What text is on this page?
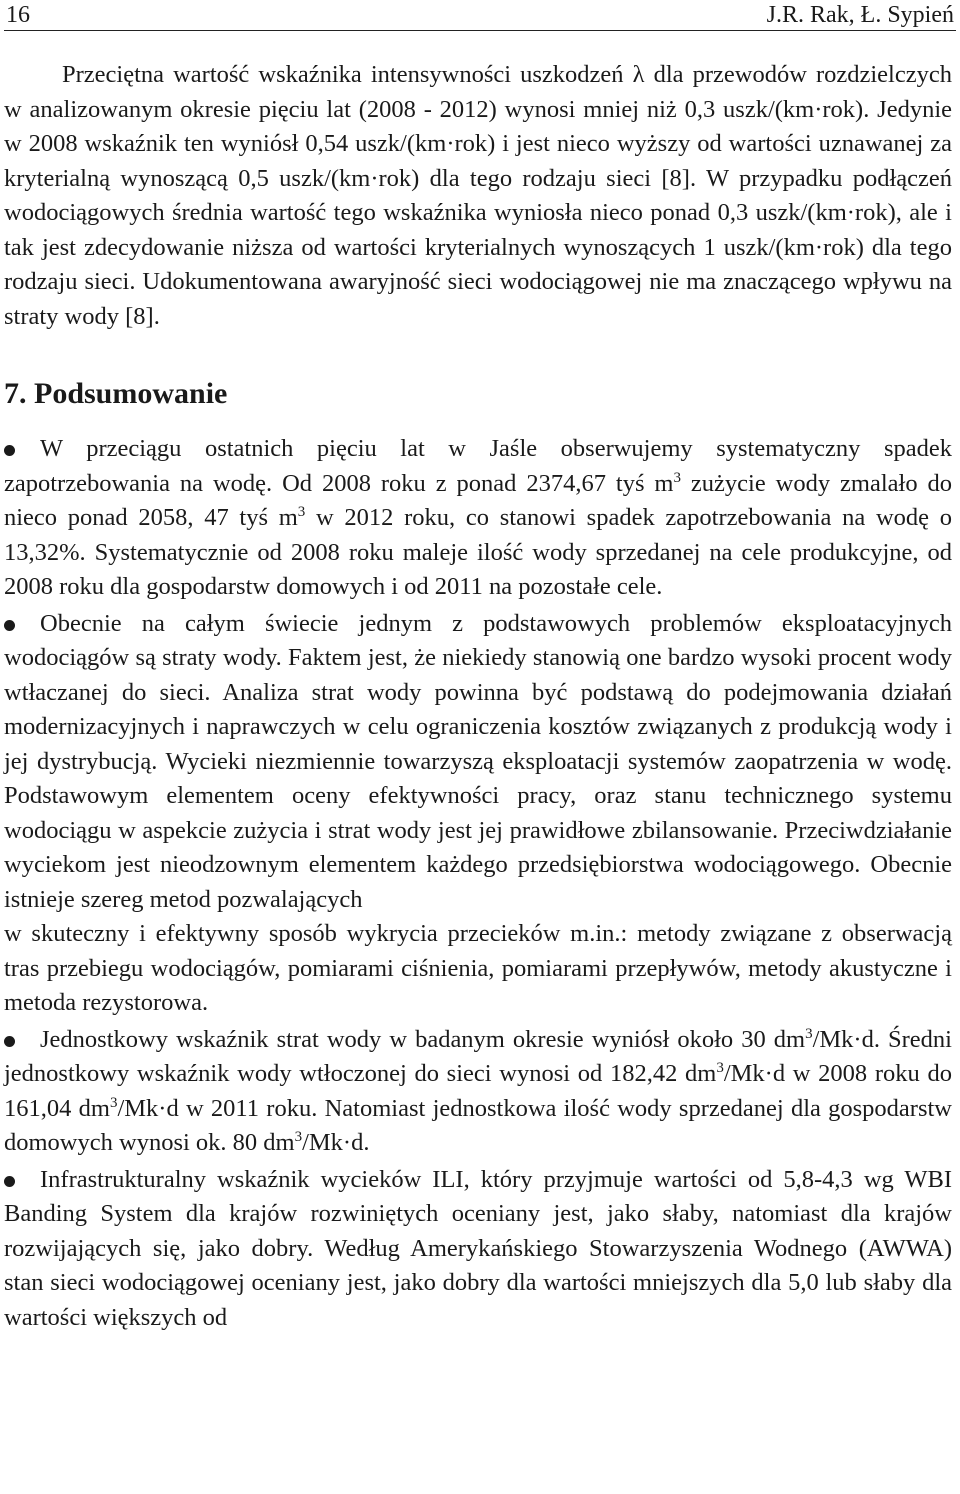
16	J.R. Rak, Ł. Sypień

Przeciętna wartość wskaźnika intensywności uszkodzeń λ dla przewodów rozdzielczych w analizowanym okresie pięciu lat (2008 - 2012) wynosi mniej niż 0,3 uszk/(km·rok). Jedynie w 2008 wskaźnik ten wyniósł 0,54 uszk/(km·rok) i jest nieco wyższy od wartości uznawanej za kryterialną wynoszącą 0,5 uszk/(km·rok) dla tego rodzaju sieci [8]. W przypadku podłączeń wodociągowych średnia wartość tego wskaźnika wyniosła nieco ponad 0,3 uszk/(km·rok), ale i tak jest zdecydowanie niższa od wartości kryterialnych wynoszących 1 uszk/(km·rok) dla tego rodzaju sieci. Udokumentowana awaryjność sieci wodociągowej nie ma znaczącego wpływu na straty wody [8].

7. Podsumowanie
W przeciągu ostatnich pięciu lat w Jaśle obserwujemy systematyczny spadek zapotrzebowania na wodę. Od 2008 roku z ponad 2374,67 tyś $m^3$ zużycie wody zmalało do nieco ponad 2058, 47 tyś $m^3$ w 2012 roku, co stanowi spadek zapotrzebowania na wodę o 13,32%. Systematycznie od 2008 roku maleje ilość wody sprzedanej na cele produkcyjne, od 2008 roku dla gospodarstw domowych i od 2011 na pozostałe cele.
Obecnie na całym świecie jednym z podstawowych problemów eksploatacyjnych wodociągów są straty wody. Faktem jest, że niekiedy stanowią one bardzo wysoki procent wody wtłaczanej do sieci. Analiza strat wody powinna być podstawą do podejmowania działań modernizacyjnych i naprawczych w celu ograniczenia kosztów związanych z produkcją wody i jej dystrybucją. Wycieki niezmiennie towarzyszą eksploatacji systemów zaopatrzenia w wodę. Podstawowym elementem oceny efektywności pracy, oraz stanu technicznego systemu wodociągu w aspekcie zużycia i strat wody jest jej prawidłowe zbilansowanie. Przeciwdziałanie wyciekom jest nieodzownym elementem każdego przedsiębiorstwa wodociągowego. Obecnie istnieje szereg metod pozwalających
w skuteczny i efektywny sposób wykrycia przecieków m.in.: metody związane z obserwacją tras przebiegu wodociągów, pomiarami ciśnienia, pomiarami przepływów, metody akustyczne i metoda rezystorowa.
Jednostkowy wskaźnik strat wody w badanym okresie wyniósł około 30 $dm^3/Mk\cdot d$. Średni jednostkowy wskaźnik wody wtłoczonej do sieci wynosi od 182,42 $dm^3/Mk\cdot d$ w 2008 roku do 161,04 $dm^3/Mk\cdot d$ w 2011 roku. Natomiast jednostkowa ilość wody sprzedanej dla gospodarstw domowych wynosi ok. 80 $dm^3/Mk\cdot d$.
Infrastrukturalny wskaźnik wycieków ILI, który przyjmuje wartości od 5,8-4,3 wg WBI Banding System dla krajów rozwiniętych oceniany jest, jako słaby, natomiast dla krajów rozwijających się, jako dobry. Według Amerykańskiego Stowarzyszenia Wodnego (AWWA) stan sieci wodociągowej oceniany jest, jako dobry dla wartości mniejszych dla 5,0 lub słaby dla wartości większych od
